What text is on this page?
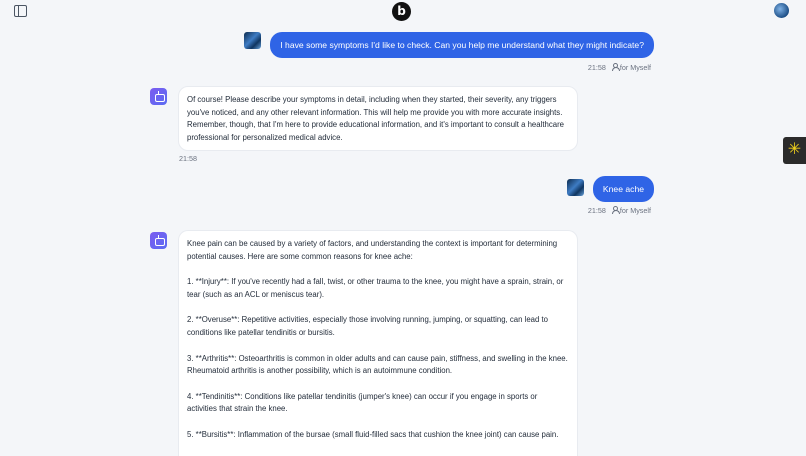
b
I have some symptoms I'd like to check. Can you help me understand what they might indicate?
21:58	for Myself

Of course! Please describe your symptoms in detail, including when they started, their severity, any triggers you've noticed, and any other relevant information. This will help me provide you with more accurate insights. Remember, though, that I'm here to provide educational information, and it's important to consult a healthcare professional for personalized medical advice.

21:58
Knee ache
21:58	for Myself

Knee pain can be caused by a variety of factors, and understanding the context is important for determining potential causes. Here are some common reasons for knee ache:

1. **Injury**: If you've recently had a fall, twist, or other trauma to the knee, you might have a sprain, strain, or tear (such as an ACL or meniscus tear).

2. **Overuse**: Repetitive activities, especially those involving running, jumping, or squatting, can lead to conditions like patellar tendinitis or bursitis.

3. **Arthritis**: Osteoarthritis is common in older adults and can cause pain, stiffness, and swelling in the knee. Rheumatoid arthritis is another possibility, which is an autoimmune condition.

4. **Tendinitis**: Conditions like patellar tendinitis (jumper's knee) can occur if you engage in sports or activities that strain the knee.

5. **Bursitis**: Inflammation of the bursae (small fluid-filled sacs that cushion the knee joint) can cause pain.

✳
